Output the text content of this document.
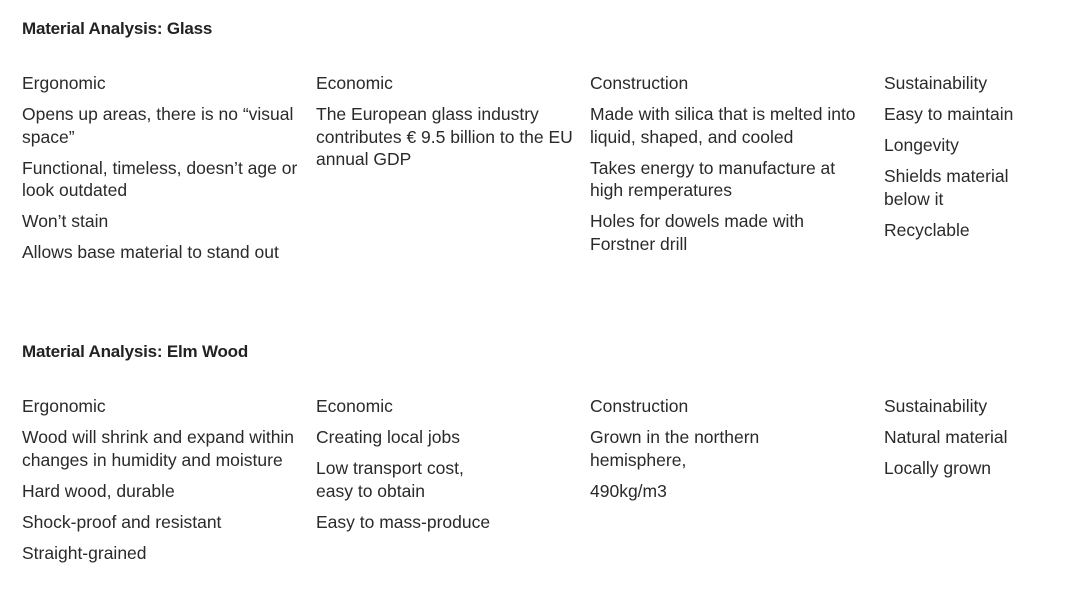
Material Analysis: Glass
Ergonomic
Opens up areas, there is no “visual space”
Functional, timeless, doesn’t age or look outdated
Won’t stain
Allows base material to stand out
Economic
The European glass industry contributes € 9.5 billion to the EU annual GDP
Construction
Made with silica that is melted into liquid, shaped, and cooled
Takes energy to manufacture at high remperatures
Holes for dowels made with Forstner drill
Sustainability
Easy to maintain
Longevity
Shields material below it
Recyclable
Material Analysis: Elm Wood
Ergonomic
Wood will shrink and expand within changes in humidity and moisture
Hard wood, durable
Shock-proof and resistant
Straight-grained
Economic
Creating local jobs
Low transport cost,
easy to obtain
Easy to mass-produce
Construction
Grown in the northern hemisphere,
490kg/m3
Sustainability
Natural material
Locally grown
